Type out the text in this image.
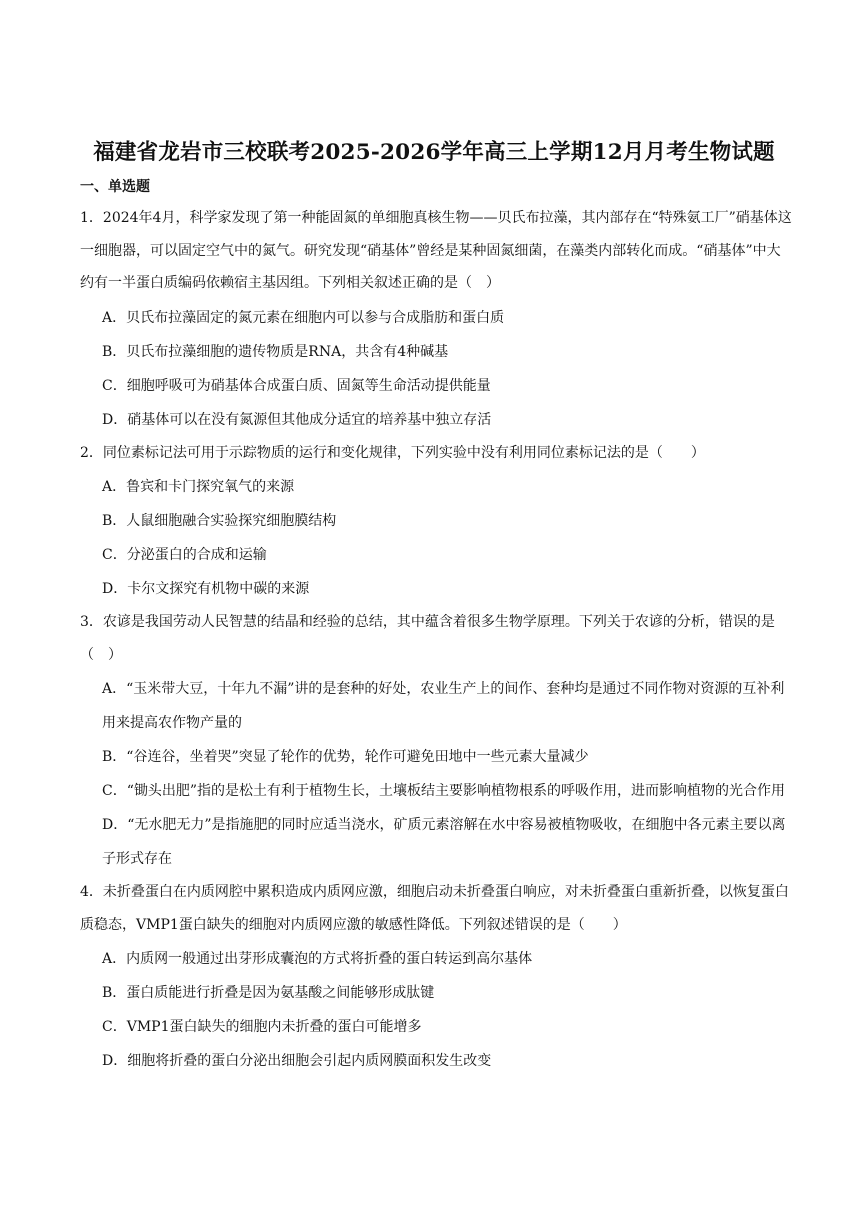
福建省龙岩市三校联考2025-2026学年高三上学期12月月考生物试题
一、单选题

1．2024年4月，科学家发现了第一种能固氮的单细胞真核生物——贝氏布拉藻，其内部存在“特殊氨工厂”硝基体这一细胞器，可以固定空气中的氮气。研究发现“硝基体”曾经是某种固氮细菌，在藻类内部转化而成。“硝基体”中大约有一半蛋白质编码依赖宿主基因组。下列相关叙述正确的是（　）

A．贝氏布拉藻固定的氮元素在细胞内可以参与合成脂肪和蛋白质

B．贝氏布拉藻细胞的遗传物质是RNA，共含有4种碱基

C．细胞呼吸可为硝基体合成蛋白质、固氮等生命活动提供能量

D．硝基体可以在没有氮源但其他成分适宜的培养基中独立存活

2．同位素标记法可用于示踪物质的运行和变化规律，下列实验中没有利用同位素标记法的是（　　）

A．鲁宾和卡门探究氧气的来源

B．人鼠细胞融合实验探究细胞膜结构

C．分泌蛋白的合成和运输

D．卡尔文探究有机物中碳的来源

3．农谚是我国劳动人民智慧的结晶和经验的总结，其中蕴含着很多生物学原理。下列关于农谚的分析，错误的是（　）

A．“玉米带大豆，十年九不漏”讲的是套种的好处，农业生产上的间作、套种均是通过不同作物对资源的互补利用来提高农作物产量的

B．“谷连谷，坐着哭”突显了轮作的优势，轮作可避免田地中一些元素大量减少

C．“锄头出肥”指的是松土有利于植物生长，土壤板结主要影响植物根系的呼吸作用，进而影响植物的光合作用

D．“无水肥无力”是指施肥的同时应适当浇水，矿质元素溶解在水中容易被植物吸收，在细胞中各元素主要以离子形式存在

4．未折叠蛋白在内质网腔中累积造成内质网应激，细胞启动未折叠蛋白响应，对未折叠蛋白重新折叠，以恢复蛋白质稳态，VMP1蛋白缺失的细胞对内质网应激的敏感性降低。下列叙述错误的是（　　）

A．内质网一般通过出芽形成囊泡的方式将折叠的蛋白转运到高尔基体

B．蛋白质能进行折叠是因为氨基酸之间能够形成肽键

C．VMP1蛋白缺失的细胞内未折叠的蛋白可能增多

D．细胞将折叠的蛋白分泌出细胞会引起内质网膜面积发生改变
